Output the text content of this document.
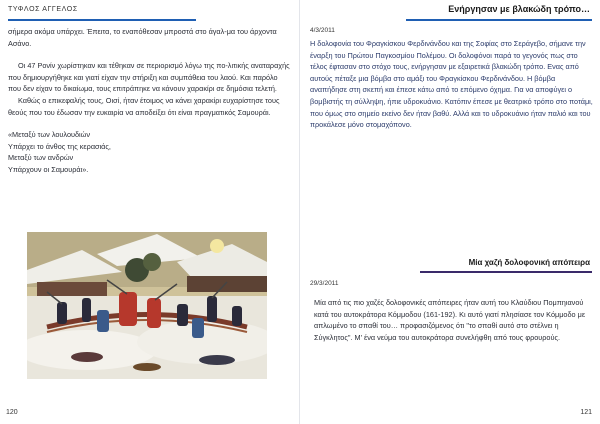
ΤΥΦΛΟΣ ΑΓΓΕΛΟΣ

σήμερα ακόμα υπάρχει. Έπειτα, το εναπόθεσαν μπροστά στο άγαλ-μα του άρχοντα Ασάνο.

Οι 47 Ρονίν χωρίστηκαν και τέθηκαν σε περιορισμό λόγω της πο-λιτικής αναταραχής που δημιουργήθηκε και γιατί είχαν την στήριξη και συμπάθεια του λαού. Και παρόλο που δεν είχαν το δικαίωμα, τους επιτράπηκε να κάνουν χαρακίρι σε δημόσια τελετή.

Καθώς ο επικεφαλής τους, Οισί, ήταν έτοιμος να κάνει χαρακίρι ευχαρίστησε τους θεούς που του έδωσαν την ευκαιρία να αποδείξει ότι είναι πραγματικός Σαμουράι.

«Μεταξύ των λουλουδιών

Υπάρχει το άνθος της κερασιάς,

Μεταξύ των ανδρών

Υπάρχουν οι Σαμουράι».

120
Ενήργησαν με βλακώδη τρόπο…
4/3/2011
Η δολοφονία του Φραγκίσκου Φερδινάνδου και της Σοφίας στο Σεράγεβο, σήμανε την έναρξη του Πρώτου Παγκοσμίου Πολέμου. Οι δολοφόνοι παρά το γεγονός πως στο τέλος έφτασαν στο στόχο τους, ενήργησαν με εξαιρετικά βλακώδη τρόπο. Ενας από αυτούς πέταξε μια βόμβα στο αμάξι του Φραγκίσκου Φερδινάνδου. Η βόμβα αναπήδησε στη σκεπή και έπεσε κάτω από το επόμενο όχημα. Για να αποφύγει ο βομβιστής τη σύλληψη, ήπιε υδροκυάνιο. Κατόπιν έπεσε με θεατρικό τρόπο στο ποτάμι, που όμως στο σημείο εκείνο δεν ήταν βαθύ. Αλλά και το υδροκυάνιο ήταν παλιό και του προκάλεσε μόνο στομαχόπονο.
Μία χαζή δολοφονική απόπειρα
29/3/2011
Μία από τις πιο χαζές δολοφονικές απόπειρες ήταν αυτή του Κλαύδιου Πομπηιανού κατά του αυτοκράτορα Κόμμοδου (161-192). Κι αυτό γιατί πλησίασε τον Κόμμοδο με απλωμένο το σπαθί του… προφασιζόμενος ότι "το σπαθί αυτό στο στέλνει η Σύγκλητος". Μ' ένα νεύμα του αυτοκράτορα συνελήφθη από τους φρουρούς.
121
